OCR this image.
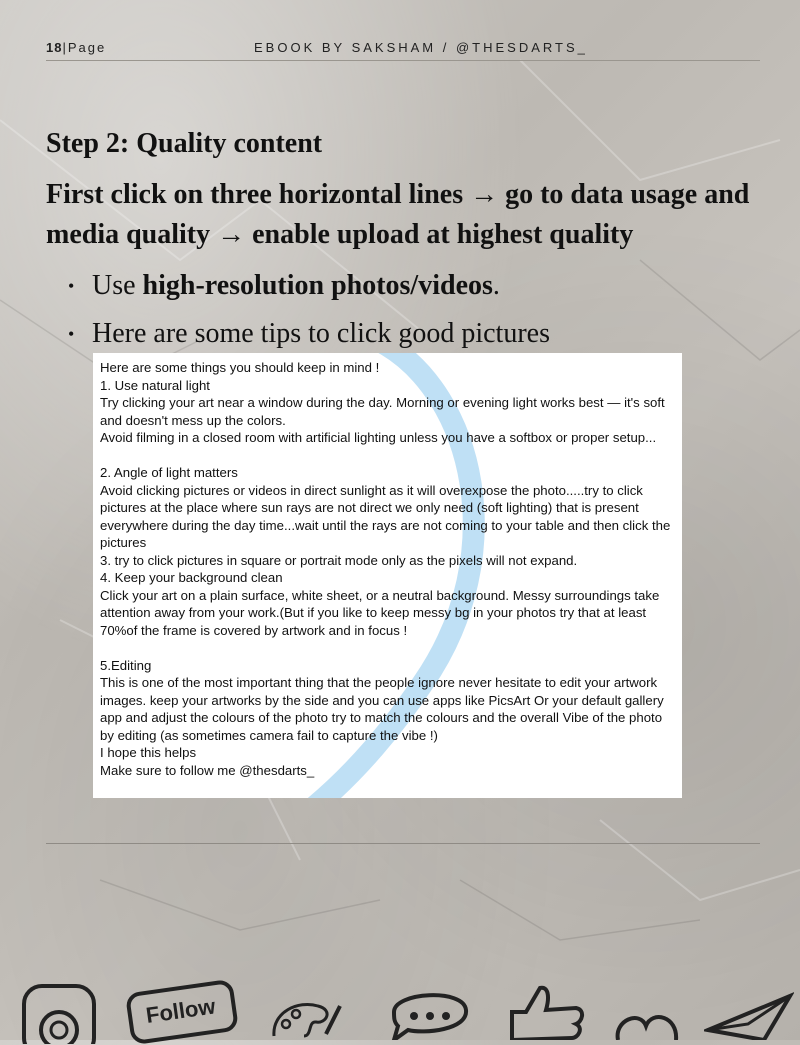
18|Page	EBOOK BY SAKSHAM / @THESDARTS_
Step 2: Quality content
First click on three horizontal lines → go to data usage and media quality → enable upload at highest quality
• Use high-resolution photos/videos.
• Here are some tips to click good pictures

Here are some things you should keep in mind !

1. Use natural light

Try clicking your art near a window during the day. Morning or evening light works best — it's soft and doesn't mess up the colors.

Avoid filming in a closed room with artificial lighting unless you have a softbox or proper setup...

2. Angle of light matters

Avoid clicking pictures or videos in direct sunlight as it will overexpose the photo.....try to click pictures at the place where sun rays are not direct we only need (soft lighting) that is present everywhere during the day time...wait until the rays are not coming to your table and then click the pictures

3. try to click pictures in square or portrait mode only as the pixels will not expand.

4. Keep your background clean

Click your art on a plain surface, white sheet, or a neutral background. Messy surroundings take attention away from your work.(But if you like to keep messy bg in your photos try that at least 70%of the frame is covered by artwork and in focus !

5.Editing

This is one of the most important thing that the people ignore never hesitate to edit your artwork images. keep your artworks by the side and you can use apps like PicsArt Or your default gallery app and adjust the colours of the photo try to match the colours and the overall Vibe of the photo by editing (as sometimes camera fail to capture the vibe !)

I hope this helps

Make sure to follow me @thesdarts_

Follow
